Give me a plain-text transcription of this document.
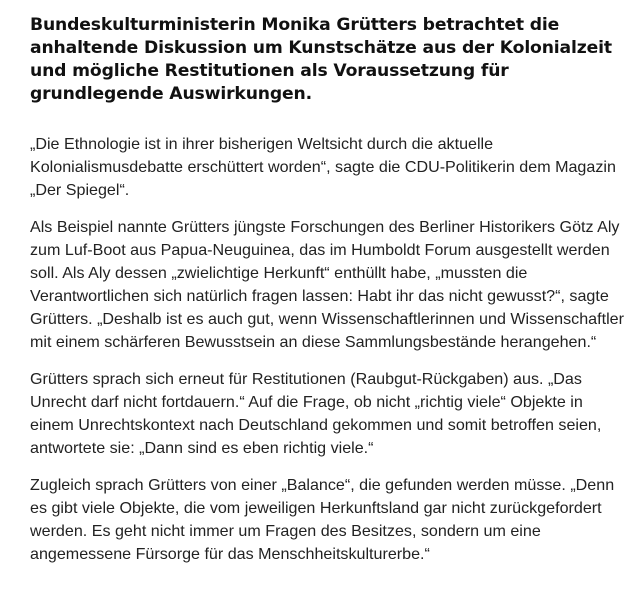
Bundeskulturministerin Monika Grütters betrachtet die anhaltende Diskussion um Kunstschätze aus der Kolonialzeit und mögliche Restitutionen als Voraussetzung für grundlegende Auswirkungen.

„Die Ethnologie ist in ihrer bisherigen Weltsicht durch die aktuelle Kolonialismusdebatte erschüttert worden“, sagte die CDU-Politikerin dem Magazin „Der Spiegel“.

Als Beispiel nannte Grütters jüngste Forschungen des Berliner Historikers Götz Aly zum Luf-Boot aus Papua-Neuguinea, das im Humboldt Forum ausgestellt werden soll. Als Aly dessen „zwielichtige Herkunft“ enthüllt habe, „mussten die Verantwortlichen sich natürlich fragen lassen: Habt ihr das nicht gewusst?“, sagte Grütters. „Deshalb ist es auch gut, wenn Wissenschaftlerinnen und Wissenschaftler mit einem schärferen Bewusstsein an diese Sammlungsbestände herangehen.“

Grütters sprach sich erneut für Restitutionen (Raubgut-Rückgaben) aus. „Das Unrecht darf nicht fortdauern.“ Auf die Frage, ob nicht „richtig viele“ Objekte in einem Unrechtskontext nach Deutschland gekommen und somit betroffen seien, antwortete sie: „Dann sind es eben richtig viele.“

Zugleich sprach Grütters von einer „Balance“, die gefunden werden müsse. „Denn es gibt viele Objekte, die vom jeweiligen Herkunftsland gar nicht zurückgefordert werden. Es geht nicht immer um Fragen des Besitzes, sondern um eine angemessene Fürsorge für das Menschheitskulturerbe.“
